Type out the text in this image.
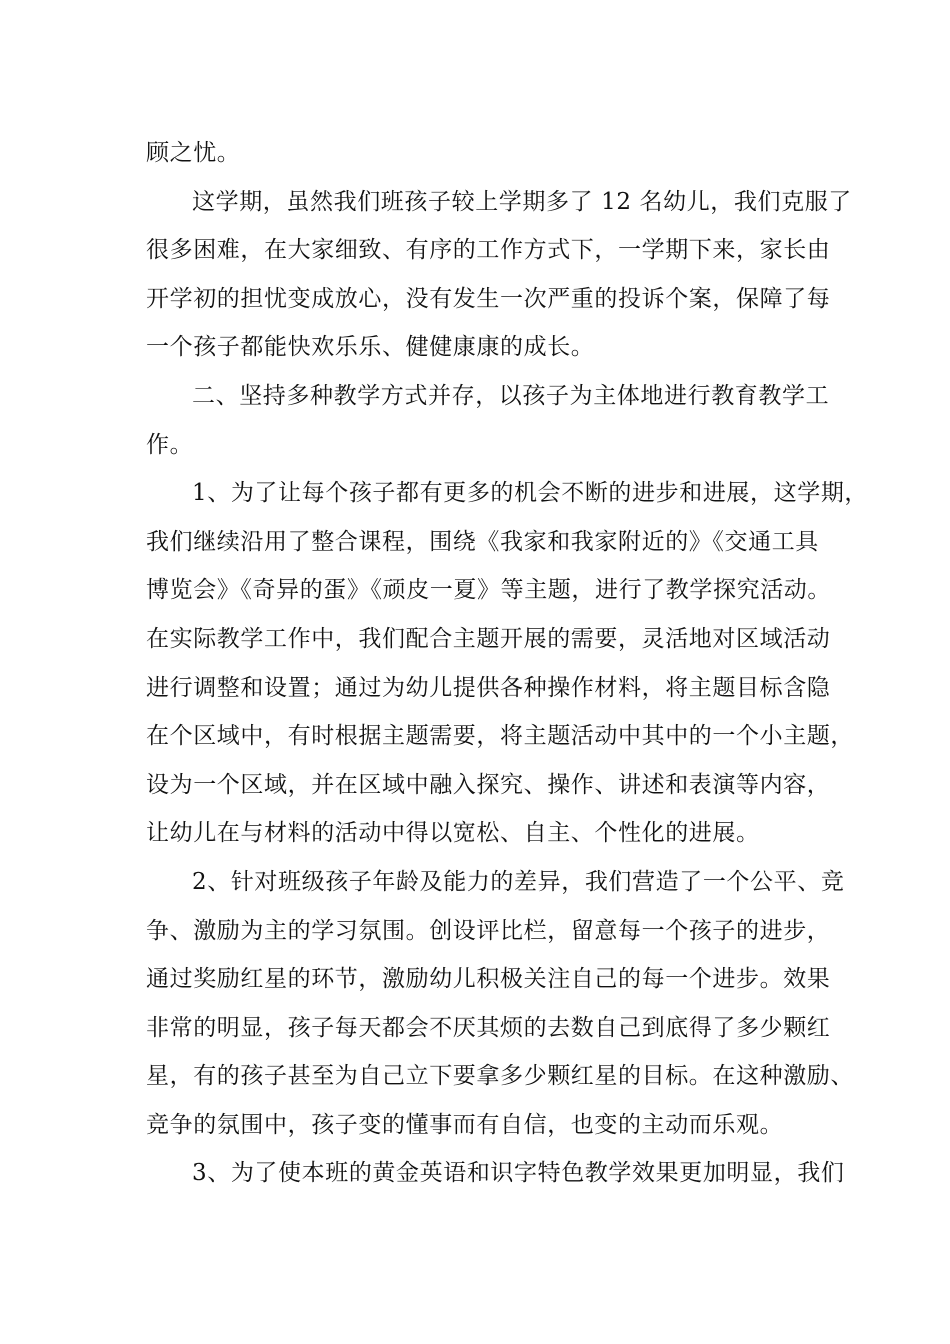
顾之忧。
这学期，虽然我们班孩子较上学期多了 12 名幼儿，我们克服了
很多困难，在大家细致、有序的工作方式下，一学期下来，家长由
开学初的担忧变成放心，没有发生一次严重的投诉个案，保障了每
一个孩子都能快欢乐乐、健健康康的成长。
二、坚持多种教学方式并存，以孩子为主体地进行教育教学工
作。
1、为了让每个孩子都有更多的机会不断的进步和进展，这学期，
我们继续沿用了整合课程，围绕《我家和我家附近的》《交通工具
博览会》《奇异的蛋》《顽皮一夏》等主题，进行了教学探究活动。
在实际教学工作中，我们配合主题开展的需要，灵活地对区域活动
进行调整和设置；通过为幼儿提供各种操作材料，将主题目标含隐
在个区域中，有时根据主题需要，将主题活动中其中的一个小主题，
设为一个区域，并在区域中融入探究、操作、讲述和表演等内容，
让幼儿在与材料的活动中得以宽松、自主、个性化的进展。
2、针对班级孩子年龄及能力的差异，我们营造了一个公平、竞
争、激励为主的学习氛围。创设评比栏，留意每一个孩子的进步，
通过奖励红星的环节，激励幼儿积极关注自己的每一个进步。效果
非常的明显，孩子每天都会不厌其烦的去数自己到底得了多少颗红
星，有的孩子甚至为自己立下要拿多少颗红星的目标。在这种激励、
竞争的氛围中，孩子变的懂事而有自信，也变的主动而乐观。
3、为了使本班的黄金英语和识字特色教学效果更加明显，我们
